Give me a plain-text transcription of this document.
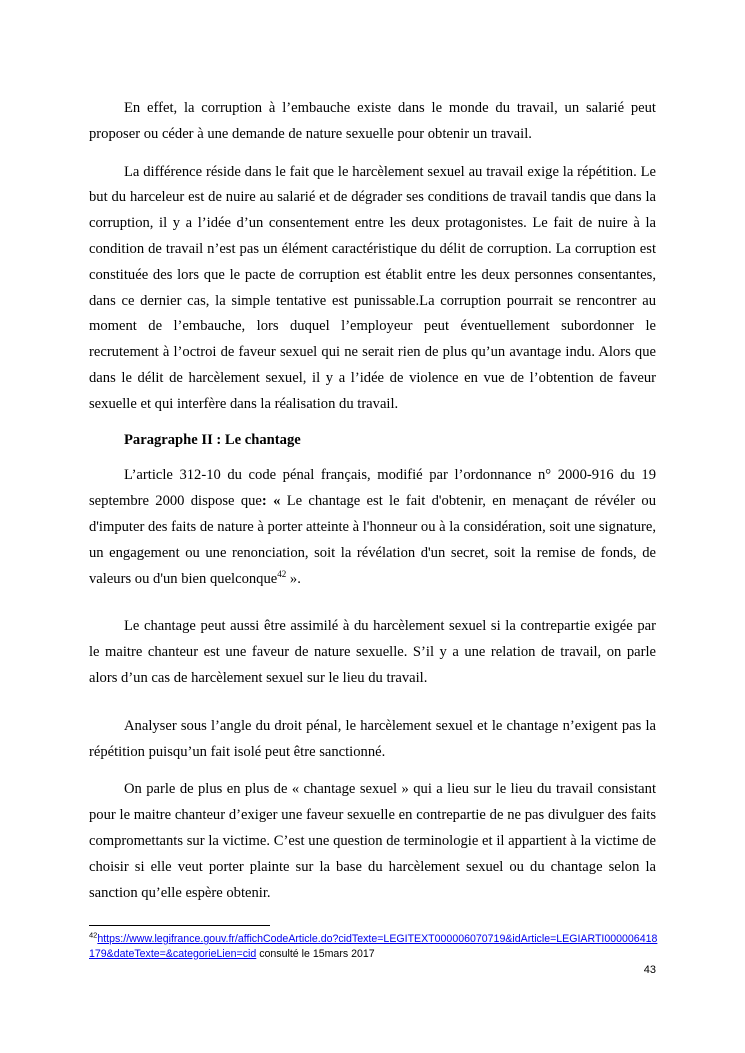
En effet, la corruption à l’embauche existe dans le monde du travail, un salarié peut proposer ou céder à une demande de nature sexuelle pour obtenir un travail.

La différence réside dans le fait que le harcèlement sexuel au travail exige la répétition. Le but du harceleur est de nuire au salarié et de dégrader ses conditions de travail tandis que dans la corruption, il y a l’idée d’un consentement entre les deux protagonistes. Le fait de nuire à la condition de travail n’est pas un élément caractéristique du délit de corruption. La corruption est constituée des lors que le pacte de corruption est établit entre les deux personnes consentantes, dans ce dernier cas, la simple tentative est punissable.La corruption pourrait se rencontrer au moment de l’embauche, lors duquel l’employeur peut éventuellement subordonner le recrutement à l’octroi de faveur sexuel qui ne serait rien de plus qu’un avantage indu. Alors que dans le délit de harcèlement sexuel, il y a l’idée de violence en vue de l’obtention de faveur sexuelle et qui interfère dans la réalisation du travail.

Paragraphe II : Le chantage

L’article 312-10 du code pénal français, modifié par l’ordonnance n° 2000-916 du 19 septembre 2000 dispose que: « Le chantage est le fait d'obtenir, en menaçant de révéler ou d'imputer des faits de nature à porter atteinte à l'honneur ou à la considération, soit une signature, un engagement ou une renonciation, soit la révélation d'un secret, soit la remise de fonds, de valeurs ou d'un bien quelconque$^{42}$ ».

Le chantage peut aussi être assimilé à du harcèlement sexuel si la contrepartie exigée par le maitre chanteur est une faveur de nature sexuelle. S’il y a une relation de travail, on parle alors d’un cas de harcèlement sexuel sur le lieu du travail.

Analyser sous l’angle du droit pénal, le harcèlement sexuel et le chantage n’exigent pas la répétition puisqu’un fait isolé peut être sanctionné.

On parle de plus en plus de « chantage sexuel » qui a lieu sur le lieu du travail consistant pour le maitre chanteur d’exiger une faveur sexuelle en contrepartie de ne pas divulguer des faits compromettants sur la victime. C’est une question de terminologie et il appartient à la victime de choisir si elle veut porter plainte sur la base du harcèlement sexuel ou du chantage selon la sanction qu’elle espère obtenir.

$^{42}$https://www.legifrance.gouv.fr/affichCodeArticle.do?cidTexte=LEGITEXT000006070719&idArticle=LEGIARTI000006418179&dateTexte=&categorieLien=cid consulté le 15mars 2017
43
